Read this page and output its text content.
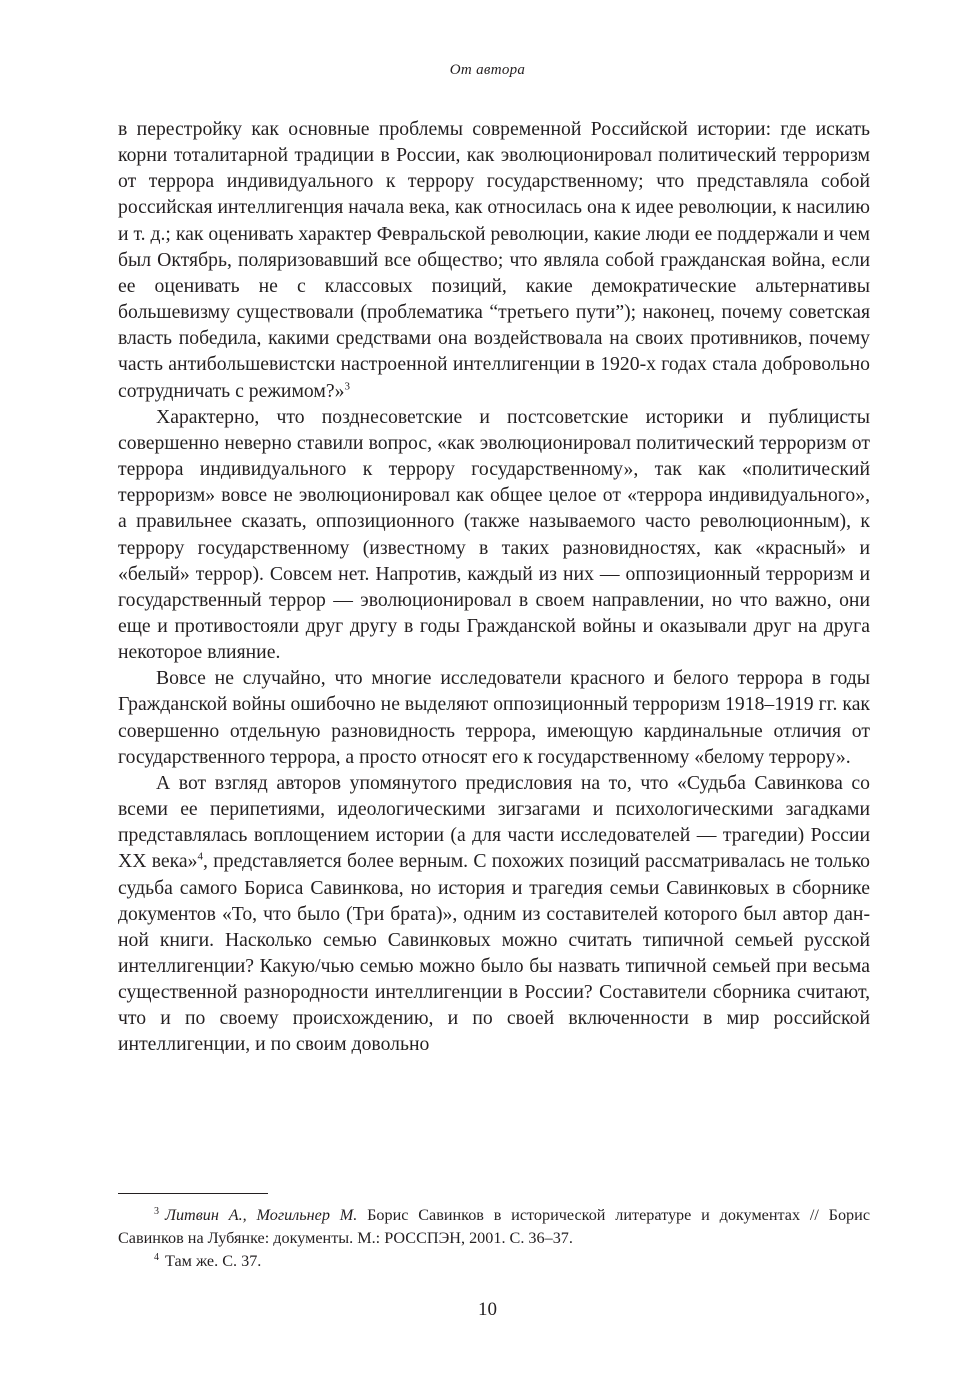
От автора

в перестройку как основные проблемы современной Российской истории: где искать корни тоталитарной традиции в России, как эволюционировал политический терроризм от террора индивидуального к террору государственному; что представляла собой российская интеллигенция начала века, как относилась она к идее революции, к насилию и т. д.; как оценивать характер Февральской революции, какие люди ее поддержали и чем был Октябрь, поляризовавший все общество; что являла собой гражданская война, если ее оценивать не с классовых позиций, какие демократические альтернативы большевизму существовали (проблематика “третьего пути”); наконец, почему советская власть победила, какими средствами она воздействовала на своих противников, почему часть антибольшевистски настроенной интеллигенции в 1920-х годах стала добровольно сотрудничать с режимом?»$^3$

Характерно, что позднесоветские и постсоветские историки и публицисты совершенно неверно ставили вопрос, «как эволюционировал политический терроризм от террора индивидуального к террору государственному», так как «политический терроризм» вовсе не эволюционировал как общее целое от «террора индивидуального», а правильнее сказать, оппозиционного (также называемого часто революционным), к террору государственному (известному в таких разновидностях, как «красный» и «белый» террор). Совсем нет. Напротив, каждый из них — оппозиционный терроризм и государственный террор — эволюционировал в своем направлении, но что важно, они еще и противостояли друг другу в годы Гражданской войны и оказывали друг на друга некоторое влияние.

Вовсе не случайно, что многие исследователи красного и белого террора в годы Гражданской войны ошибочно не выделяют оппозиционный терроризм 1918–1919 гг. как совершенно отдельную разновидность террора, имеющую кардинальные отличия от государственного террора, а просто относят его к государственному «белому террору».

А вот взгляд авторов упомянутого предисловия на то, что «Судьба Савинкова со всеми ее перипетиями, идеологическими зигзагами и психологическими загадками представлялась воплощением истории (а для части исследователей — трагедии) России XX века»$^4$, представляется более верным. С похожих позиций рассматривалась не только судьба самого Бориса Савинкова, но история и трагедия семьи Савинковых в сборнике документов «То, что было (Три брата)», одним из составителей которого был автор данной книги. Насколько семью Савинковых можно считать типичной семьей русской интеллигенции? Какую/чью семью можно было бы назвать типичной семьей при весьма существенной разнородности интеллигенции в России? Составители сборника считают, что и по своему происхождению, и по своей включенности в мир российской интеллигенции, и по своим довольно

$^3$ Литвин А., Могильнер М. Борис Савинков в исторической литературе и документах // Борис Савинков на Лубянке: документы. М.: РОССПЭН, 2001. С. 36–37.

$^4$ Там же. С. 37.

10
